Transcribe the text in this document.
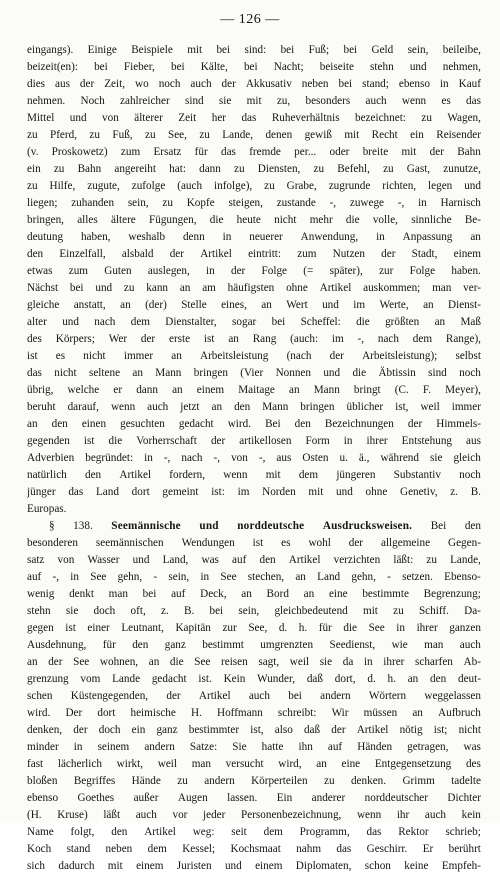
— 126 —
eingangs). Einige Beispiele mit bei sind: bei Fuß; bei Geld sein, beileibe,
beizeit(en): bei Fieber, bei Kälte, bei Nacht; beiseite stehn und nehmen,
dies aus der Zeit, wo noch auch der Akkusativ neben bei stand; ebenso in Kauf
nehmen. Noch zahlreicher sind sie mit zu, besonders auch wenn es das
Mittel und von älterer Zeit her das Ruheverhältnis bezeichnet: zu Wagen,
zu Pferd, zu Fuß, zu See, zu Lande, denen gewiß mit Recht ein Reisender
(v. Proskowetz) zum Ersatz für das fremde per... oder breite mit der Bahn
ein zu Bahn angereiht hat: dann zu Diensten, zu Befehl, zu Gast, zunutze,
zu Hilfe, zugute, zufolge (auch infolge), zu Grabe, zugrunde richten, legen und
liegen; zuhanden sein, zu Kopfe steigen, zustande -, zuwege -, in Harnisch
bringen, alles ältere Fügungen, die heute nicht mehr die volle, sinnliche Be-
deutung haben, weshalb denn in neuerer Anwendung, in Anpassung an
den Einzelfall, alsbald der Artikel eintritt: zum Nutzen der Stadt, einem
etwas zum Guten auslegen, in der Folge (= später), zur Folge haben.
Nächst bei und zu kann an am häufigsten ohne Artikel auskommen; man ver-
gleiche anstatt, an (der) Stelle eines, an Wert und im Werte, an Dienst-
alter und nach dem Dienstalter, sogar bei Scheffel: die größten an Maß
des Körpers; Wer der erste ist an Rang (auch: im -, nach dem Range),
ist es nicht immer an Arbeitsleistung (nach der Arbeitsleistung); selbst
das nicht seltene an Mann bringen (Vier Nonnen und die Äbtissin sind noch
übrig, welche er dann an einem Maitage an Mann bringt (C. F. Meyer),
beruht darauf, wenn auch jetzt an den Mann bringen üblicher ist, weil immer
an den einen gesuchten gedacht wird. Bei den Bezeichnungen der Himmels-
gegenden ist die Vorherrschaft der artikellosen Form in ihrer Entstehung aus
Adverbien begründet: in -, nach -, von -, aus Osten u. ä., während sie gleich
natürlich den Artikel fordern, wenn mit dem jüngeren Substantiv noch
jünger das Land dort gemeint ist: im Norden mit und ohne Genetiv, z. B.
Europas.
§ 138. Seemännische und norddeutsche Ausdrucksweisen. Bei den
besonderen seemännischen Wendungen ist es wohl der allgemeine Gegen-
satz von Wasser und Land, was auf den Artikel verzichten läßt: zu Lande,
auf -, in See gehn, - sein, in See stechen, an Land gehn, - setzen. Ebenso-
wenig denkt man bei auf Deck, an Bord an eine bestimmte Begrenzung;
stehn sie doch oft, z. B. bei sein, gleichbedeutend mit zu Schiff. Da-
gegen ist einer Leutnant, Kapitän zur See, d. h. für die See in ihrer ganzen
Ausdehnung, für den ganz bestimmt umgrenzten Seedienst, wie man auch
an der See wohnen, an die See reisen sagt, weil sie da in ihrer scharfen Ab-
grenzung vom Lande gedacht ist. Kein Wunder, daß dort, d. h. an den deut-
schen Küstengegenden, der Artikel auch bei andern Wörtern weggelassen
wird. Der dort heimische H. Hoffmann schreibt: Wir müssen an Aufbruch
denken, der doch ein ganz bestimmter ist, also daß der Artikel nötig ist; nicht
minder in seinem andern Satze: Sie hatte ihn auf Händen getragen, was
fast lächerlich wirkt, weil man versucht wird, an eine Entgegensetzung des
bloßen Begriffes Hände zu andern Körperteilen zu denken. Grimm tadelte
ebenso Goethes außer Augen lassen. Ein anderer norddeutscher Dichter
(H. Kruse) läßt auch vor jeder Personenbezeichnung, wenn ihr auch kein
Name folgt, den Artikel weg: seit dem Programm, das Rektor schrieb;
Koch stand neben dem Kessel; Kochsmaat nahm das Geschirr. Er berührt
sich dadurch mit einem Juristen und einem Diplomaten, schon keine Empfeh-
